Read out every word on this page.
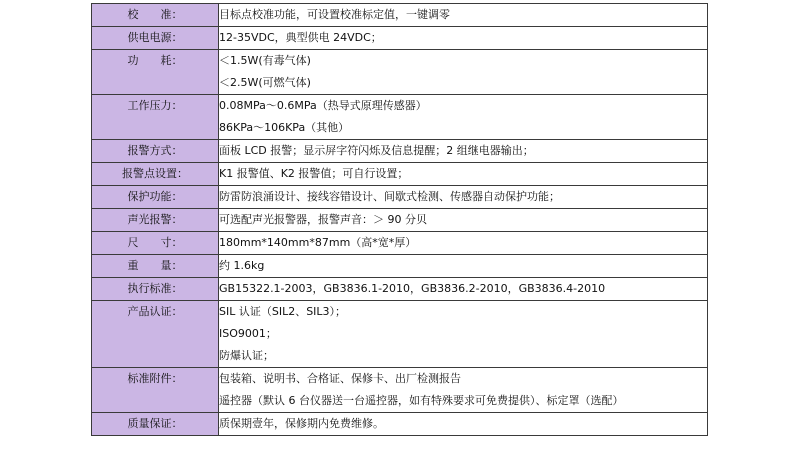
校　　准：	目标点校准功能，可设置校准标定值，一键调零

供电电源：	12-35VDC，典型供电 24VDC；

功　　耗：	＜1.5W(有毒气体)
＜2.5W(可燃气体)

工作压力：	0.08MPa～0.6MPa（热导式原理传感器）
86KPa～106KPa（其他）

报警方式：	面板 LCD 报警；显示屏字符闪烁及信息提醒；2 组继电器输出；

报警点设置：	K1 报警值、K2 报警值；可自行设置；

保护功能：	防雷防浪涌设计、接线容错设计、间歇式检测、传感器自动保护功能；

声光报警：	可选配声光报警器，报警声音：＞ 90 分贝

尺　　寸：	180mm*140mm*87mm（高*宽*厚）

重　　量：	约 1.6kg

执行标准：	GB15322.1-2003，GB3836.1-2010，GB3836.2-2010，GB3836.4-2010

产品认证：	SIL 认证（SIL2、SIL3）；
ISO9001；
防爆认证；

标准附件：	包装箱、说明书、合格证、保修卡、出厂检测报告
遥控器（默认 6 台仪器送一台遥控器，如有特殊要求可免费提供）、标定罩（选配）

质量保证：	质保期壹年，保修期内免费维修。
